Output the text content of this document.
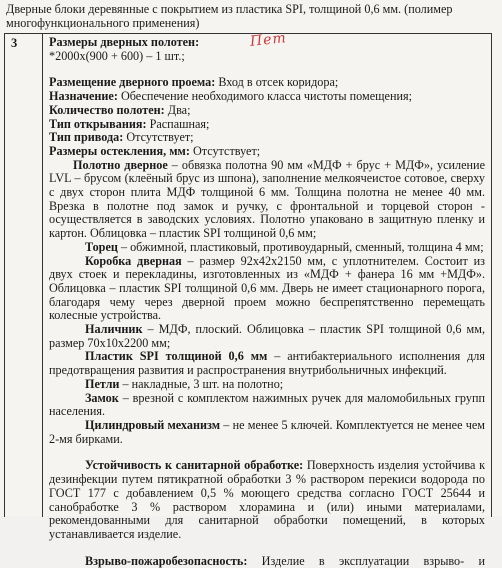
Дверные блоки деревянные с покрытием из пластика SPI, толщиной 0,6 мм. (полимер многофункционального применения)
3	Пет

Размеры дверных полотен:

*2000х(900 + 600) – 1 шт.;

Размещение дверного проема: Вход в отсек коридора;

Назначение: Обеспечение необходимого класса чистоты помещения;

Количество полотен: Два;

Тип открывания: Распашная;

Тип привода: Отсутствует;

Размеры остекления, мм: Отсутствует;

Полотно дверное – обвязка полотна 90 мм «МДФ + брус + МДФ», усиление LVL – брусом (клеёный брус из шпона), заполнение мелкоячеистое сотовое, сверху с двух сторон плита МДФ толщиной 6 мм. Толщина полотна не менее 40 мм. Врезка в полотне под замок и ручку, с фронтальной и торцевой сторон - осуществляется в заводских условиях. Полотно упаковано в защитную пленку и картон. Облицовка – пластик SPI толщиной 0,6 мм;

Торец – обжимной, пластиковый, противоударный, сменный, толщина 4 мм;

Коробка дверная – размер 92х42х2150 мм, с уплотнителем. Состоит из двух стоек и перекладины, изготовленных из «МДФ + фанера 16 мм +МДФ». Облицовка – пластик SPI толщиной 0,6 мм. Дверь не имеет стационарного порога, благодаря чему через дверной проем можно беспрепятственно перемещать колесные устройства.

Наличник – МДФ, плоский. Облицовка – пластик SPI толщиной 0,6 мм, размер 70х10х2200 мм;

Пластик SPI толщиной 0,6 мм – антибактериального исполнения для предотвращения развития и распространения внутрибольничных инфекций.

Петли – накладные, 3 шт. на полотно;

Замок – врезной с комплектом нажимных ручек для маломобильных групп населения.

Цилиндровый механизм – не менее 5 ключей. Комплектуется не менее чем 2-мя бирками.

Устойчивость к санитарной обработке: Поверхность изделия устойчива к дезинфекции путем пятикратной обработки 3 % раствором перекиси водорода по ГОСТ 177 с добавлением 0,5 % моющего средства согласно ГОСТ 25644 и санобработке 3 % раствором хлорамина и (или) иными материалами, рекомендованными для санитарной обработки помещений, в которых устанавливается изделие.

Взрыво-пожаробезопасность: Изделие в эксплуатации взрыво- и
